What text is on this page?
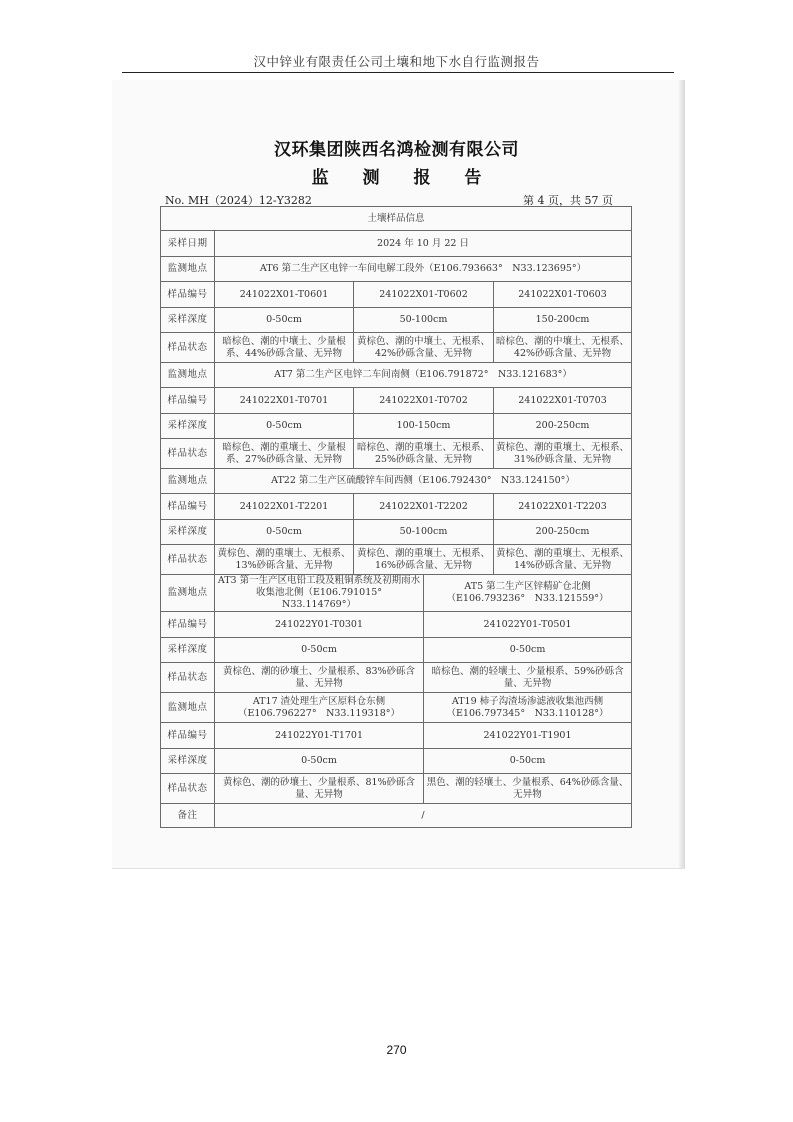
汉中锌业有限责任公司土壤和地下水自行监测报告
汉环集团陕西名鸿检测有限公司
监 测 报 告
No. MH（2024）12-Y3282	第 4 页，共 57 页
土壤样品信息				
采样日期	2024 年 10 月 22 日			
监测地点	AT6 第二生产区电锌一车间电解工段外（E106.793663°　N33.123695°）			
样品编号	241022X01-T0601	241022X01-T0602		241022X01-T0603
采样深度	0-50cm	50-100cm		150-200cm
样品状态	暗棕色、潮的中壤土、少量根系、44%砂砾含量、无异物	黄棕色、潮的中壤土、无根系、42%砂砾含量、无异物		暗棕色、潮的中壤土、无根系、42%砂砾含量、无异物
监测地点	AT7 第二生产区电锌二车间南侧（E106.791872°　N33.121683°）			
样品编号	241022X01-T0701	241022X01-T0702		241022X01-T0703
采样深度	0-50cm	100-150cm		200-250cm
样品状态	暗棕色、潮的重壤土、少量根系、27%砂砾含量、无异物	暗棕色、潮的重壤土、无根系、25%砂砾含量、无异物		黄棕色、潮的重壤土、无根系、31%砂砾含量、无异物
监测地点	AT22 第二生产区硫酸锌车间西侧（E106.792430°　N33.124150°）			
样品编号	241022X01-T2201	241022X01-T2202		241022X01-T2203
采样深度	0-50cm	50-100cm		200-250cm
样品状态	黄棕色、潮的重壤土、无根系、13%砂砾含量、无异物	黄棕色、潮的重壤土、无根系、16%砂砾含量、无异物		黄棕色、潮的重壤土、无根系、14%砂砾含量、无异物
监测地点	AT3 第一生产区电铅工段及粗铜系统及初期雨水收集池北侧（E106.791015°　N33.114769°）		AT5 第二生产区锌精矿仓北侧（E106.793236°　N33.121559°）	
样品编号	241022Y01-T0301		241022Y01-T0501	
采样深度	0-50cm		0-50cm	
样品状态	黄棕色、潮的砂壤土、少量根系、83%砂砾含量、无异物		暗棕色、潮的轻壤土、少量根系、59%砂砾含量、无异物	
监测地点	AT17 渣处理生产区原料仓东侧（E106.796227°　N33.119318°）		AT19 柿子沟渣场渗滤液收集池西侧（E106.797345°　N33.110128°）	
样品编号	241022Y01-T1701		241022Y01-T1901	
采样深度	0-50cm		0-50cm	
样品状态	黄棕色、潮的砂壤土、少量根系、81%砂砾含量、无异物		黑色、潮的轻壤土、少量根系、64%砂砾含量、无异物	
备注	/			
270
